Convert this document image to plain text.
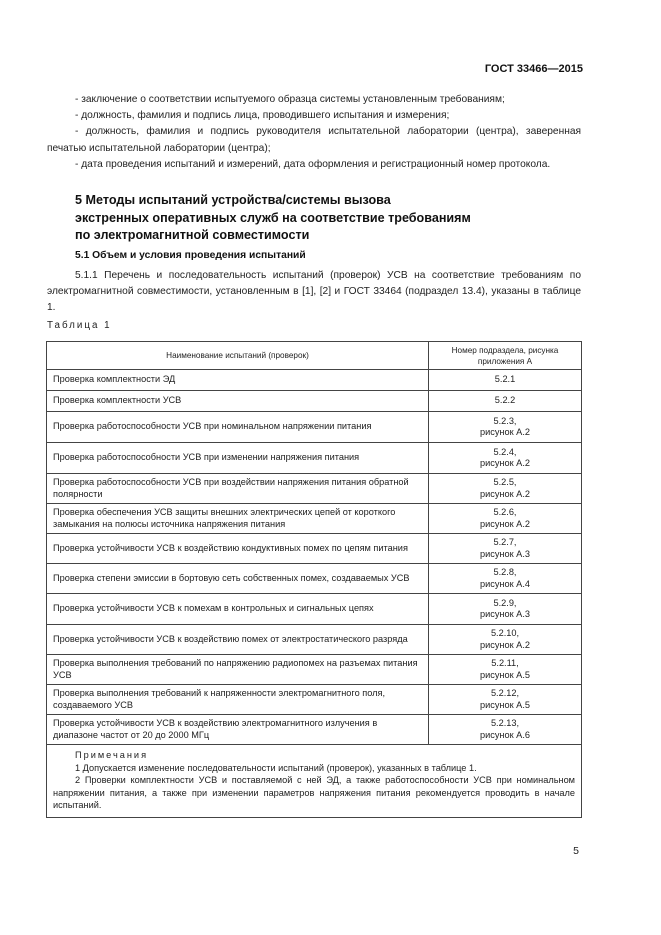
ГОСТ 33466—2015

- заключение о соответствии испытуемого образца системы установленным требованиям;

- должность, фамилия и подпись лица, проводившего испытания и измерения;

- должность, фамилия и подпись руководителя испытательной лаборатории (центра), заверенная печатью испытательной лаборатории (центра);

- дата проведения испытаний и измерений, дата оформления и регистрационный номер протокола.

5 Методы испытаний устройства/системы вызова
экстренных оперативных служб на соответствие требованиям
по электромагнитной совместимости
5.1 Объем и условия проведения испытаний

5.1.1 Перечень и последовательность испытаний (проверок) УСВ на соответствие требованиям по электромагнитной совместимости, установленным в [1], [2] и ГОСТ 33464 (подраздел 13.4), указаны в таблице 1.

Таблица 1
Наименование испытаний (проверок)	Номер подраздела, рисунка
приложения А

Проверка комплектности ЭД	5.2.1

Проверка комплектности УСВ	5.2.2

Проверка работоспособности УСВ при номинальном напряжении питания	5.2.3,
рисунок А.2

Проверка работоспособности УСВ при изменении напряжения питания	5.2.4,
рисунок А.2

Проверка работоспособности УСВ при воздействии напряжения питания обратной полярности	5.2.5,
рисунок А.2

Проверка обеспечения УСВ защиты внешних электрических цепей от короткого замыкания на полюсы источника напряжения питания	5.2.6,
рисунок А.2

Проверка устойчивости УСВ к воздействию кондуктивных помех по цепям питания	5.2.7,
рисунок А.3

Проверка степени эмиссии в бортовую сеть собственных помех, создаваемых УСВ	5.2.8,
рисунок А.4

Проверка устойчивости УСВ к помехам в контрольных и сигнальных цепях	5.2.9,
рисунок А.3

Проверка устойчивости УСВ к воздействию помех от электростатического разряда	5.2.10,
рисунок А.2

Проверка выполнения требований по напряжению радиопомех на разъемах питания УСВ	5.2.11,
рисунок А.5

Проверка выполнения требований к напряженности электромагнитного поля, создаваемого УСВ	5.2.12,
рисунок А.5

Проверка устойчивости УСВ к воздействию электромагнитного излучения в диапазоне частот от 20 до 2000 МГц	5.2.13,
рисунок А.6

Примечания
1 Допускается изменение последовательности испытаний (проверок), указанных в таблице 1.
2 Проверки комплектности УСВ и поставляемой с ней ЭД, а также работоспособности УСВ при номинальном напряжении питания, а также при изменении параметров напряжения питания рекомендуется проводить в начале испытаний.	
5
